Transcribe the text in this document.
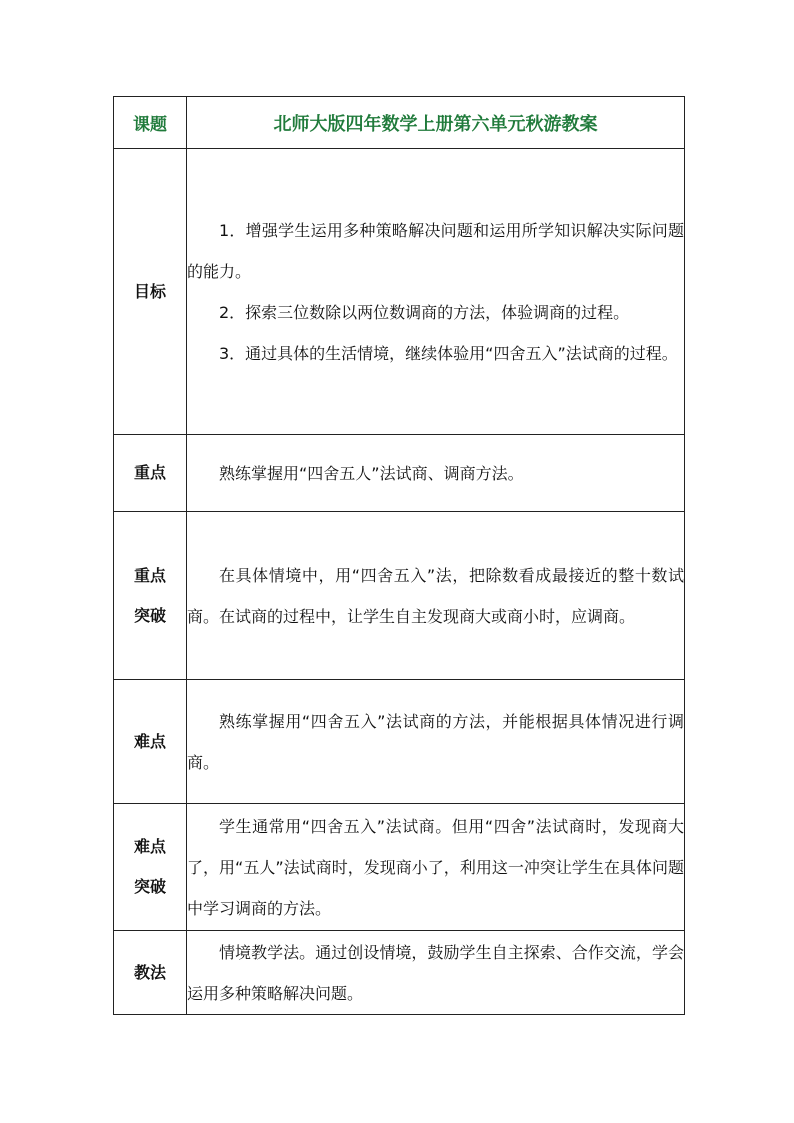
课题	北师大版四年数学上册第六单元秋游教案

目标	1．增强学生运用多种策略解决问题和运用所学知识解决实际问题的能力。

2．探索三位数除以两位数调商的方法，体验调商的过程。

3．通过具体的生活情境，继续体验用“四舍五入”法试商的过程。

重点	熟练掌握用“四舍五人”法试商、调商方法。

重点
突破	在具体情境中，用“四舍五入”法，把除数看成最接近的整十数试商。在试商的过程中，让学生自主发现商大或商小时，应调商。

难点	熟练掌握用“四舍五入”法试商的方法，并能根据具体情况进行调商。

难点
突破	学生通常用“四舍五入”法试商。但用“四舍”法试商时，发现商大了，用“五人”法试商时，发现商小了，利用这一冲突让学生在具体问题中学习调商的方法。

教法	情境教学法。通过创设情境，鼓励学生自主探索、合作交流，学会运用多种策略解决问题。
